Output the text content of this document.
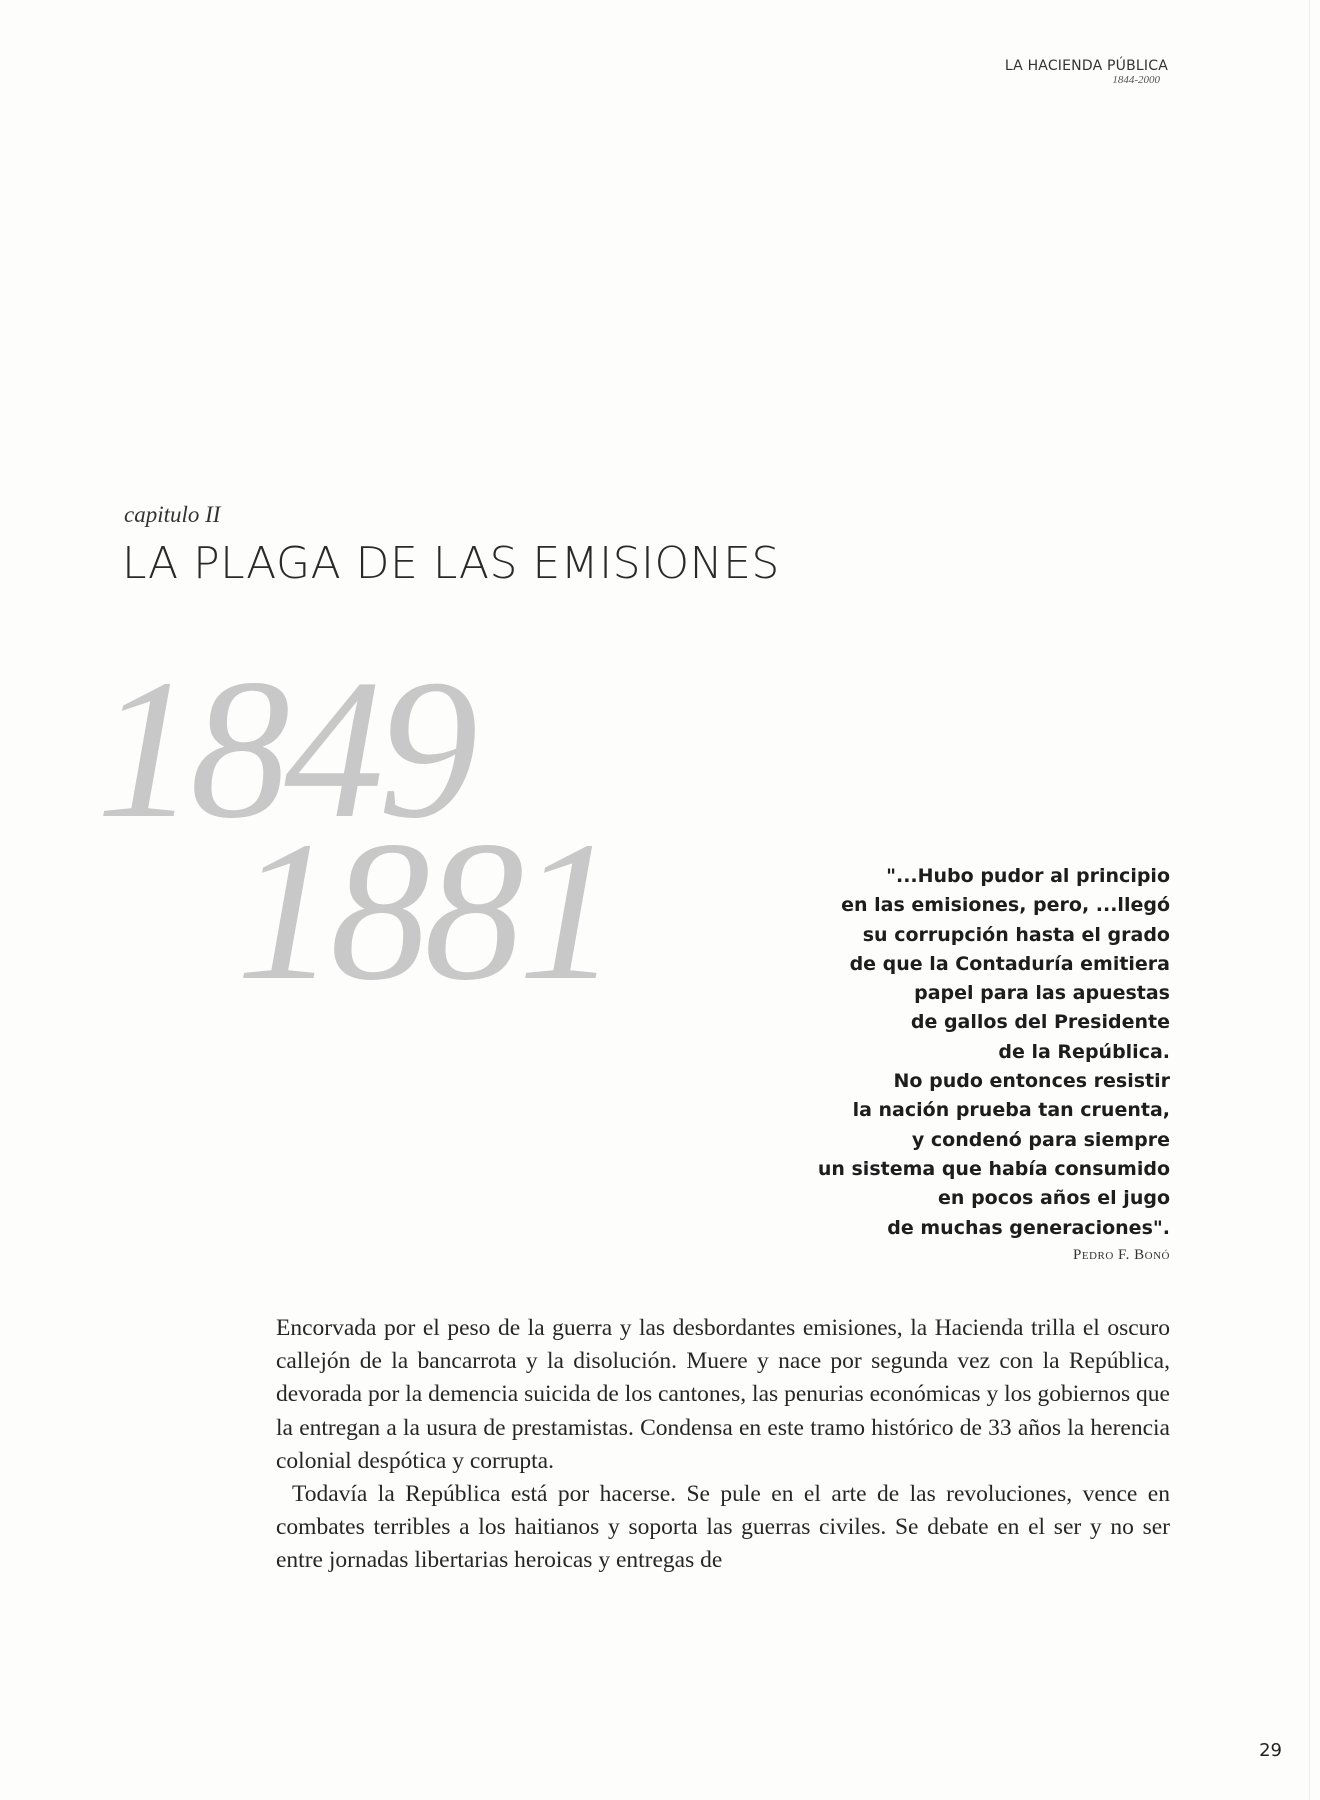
LA HACIENDA PÚBLICA
1844-2000
capitulo II
LA PLAGA DE LAS EMISIONES
1849
1881	"...Hubo pudor al principio
en las emisiones, pero, ...llegó
su corrupción hasta el grado
de que la Contaduría emitiera
papel para las apuestas
de gallos del Presidente
de la República.
No pudo entonces resistir
la nación prueba tan cruenta,
y condenó para siempre
un sistema que había consumido
en pocos años el jugo
de muchas generaciones".
Pedro F. Bonó

Encorvada por el peso de la guerra y las desbordantes emisiones, la Hacienda trilla el oscuro callejón de la bancarrota y la disolución. Muere y nace por segunda vez con la República, devorada por la demencia suicida de los cantones, las penurias económicas y los gobiernos que la entregan a la usura de prestamistas. Condensa en este tramo histórico de 33 años la herencia colonial despótica y corrupta.

Todavía la República está por hacerse. Se pule en el arte de las revoluciones, vence en combates terribles a los haitianos y soporta las guerras civiles. Se debate en el ser y no ser entre jornadas libertarias heroicas y entregas de

29
